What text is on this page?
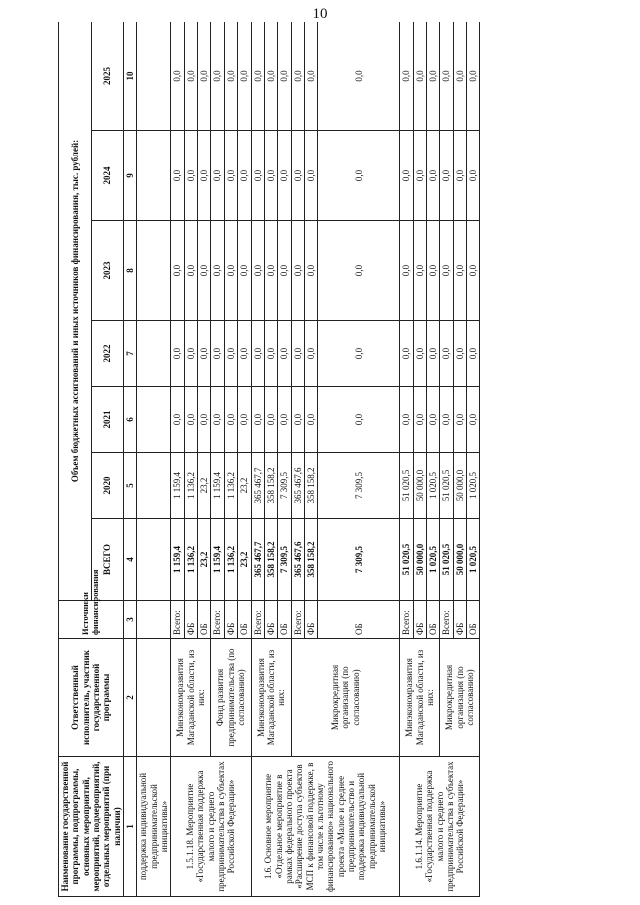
10
Наименование государственной программы, подпрограммы, основных мероприятий, мероприятий, подмероприятий, отдельных мероприятий (при наличии)	Ответственный исполнитель, участник государственной программы	Источники финансирования	Объем бюджетных ассигнований и иных источников финансирования, тыс. рублей:						
			ВСЕГО	2020	2021	2022	2023	2024	2025
1	2	3	4	5	6	7	8	9	10
поддержка индивидуальной предпринимательской инициативы»									
1.5.1.18. Мероприятие «Государственная поддержка малого и среднего предпринимательства в субъектах Российской Федерации»	Минэкономразвития Магаданской области, из них:	Всего:	1 159,4	1 159,4	0,0	0,0	0,0	0,0	0,0
		ФБ	1 136,2	1 136,2	0,0	0,0	0,0	0,0	0,0
		ОБ	23,2	23,2	0,0	0,0	0,0	0,0	0,0
	Фонд развития предпринимательства (по согласованию)	Всего:	1 159,4	1 159,4	0,0	0,0	0,0	0,0	0,0
		ФБ	1 136,2	1 136,2	0,0	0,0	0,0	0,0	0,0
		ОБ	23,2	23,2	0,0	0,0	0,0	0,0	0,0
1.6. Основное мероприятие «Отдельное мероприятие в рамках федерального проекта «Расширение доступа субъектов МСП к финансовой поддержке, в том числе к льготному финансированию» национального проекта «Малое и среднее предпринимательство и поддержка индивидуальной предпринимательской инициативы»	Минэкономразвития Магаданской области, из них:	Всего:	365 467,7	365 467,7	0,0	0,0	0,0	0,0	0,0
		ФБ	358 158,2	358 158,2	0,0	0,0	0,0	0,0	0,0
		ОБ	7 309,5	7 309,5	0,0	0,0	0,0	0,0	0,0
	Микрокредитная организация (по согласованию)	Всего:	365 467,6	365 467,6	0,0	0,0	0,0	0,0	0,0
		ФБ	358 158,2	358 158,2	0,0	0,0	0,0	0,0	0,0
		ОБ	7 309,5	7 309,5	0,0	0,0	0,0	0,0	0,0
1.6.1.14. Мероприятие «Государственная поддержка малого и среднего предпринимательства в субъектах Российской Федерации»	Минэкономразвития Магаданской области, из них:	Всего:	51 020,5	51 020,5	0,0	0,0	0,0	0,0	0,0
		ФБ	50 000,0	50 000,0	0,0	0,0	0,0	0,0	0,0
		ОБ	1 020,5	1 020,5	0,0	0,0	0,0	0,0	0,0
	Микрокредитная организация (по согласованию)	Всего:	51 020,5	51 020,5	0,0	0,0	0,0	0,0	0,0
		ФБ	50 000,0	50 000,0	0,0	0,0	0,0	0,0	0,0
		ОБ	1 020,5	1 020,5	0,0	0,0	0,0	0,0	0,0
